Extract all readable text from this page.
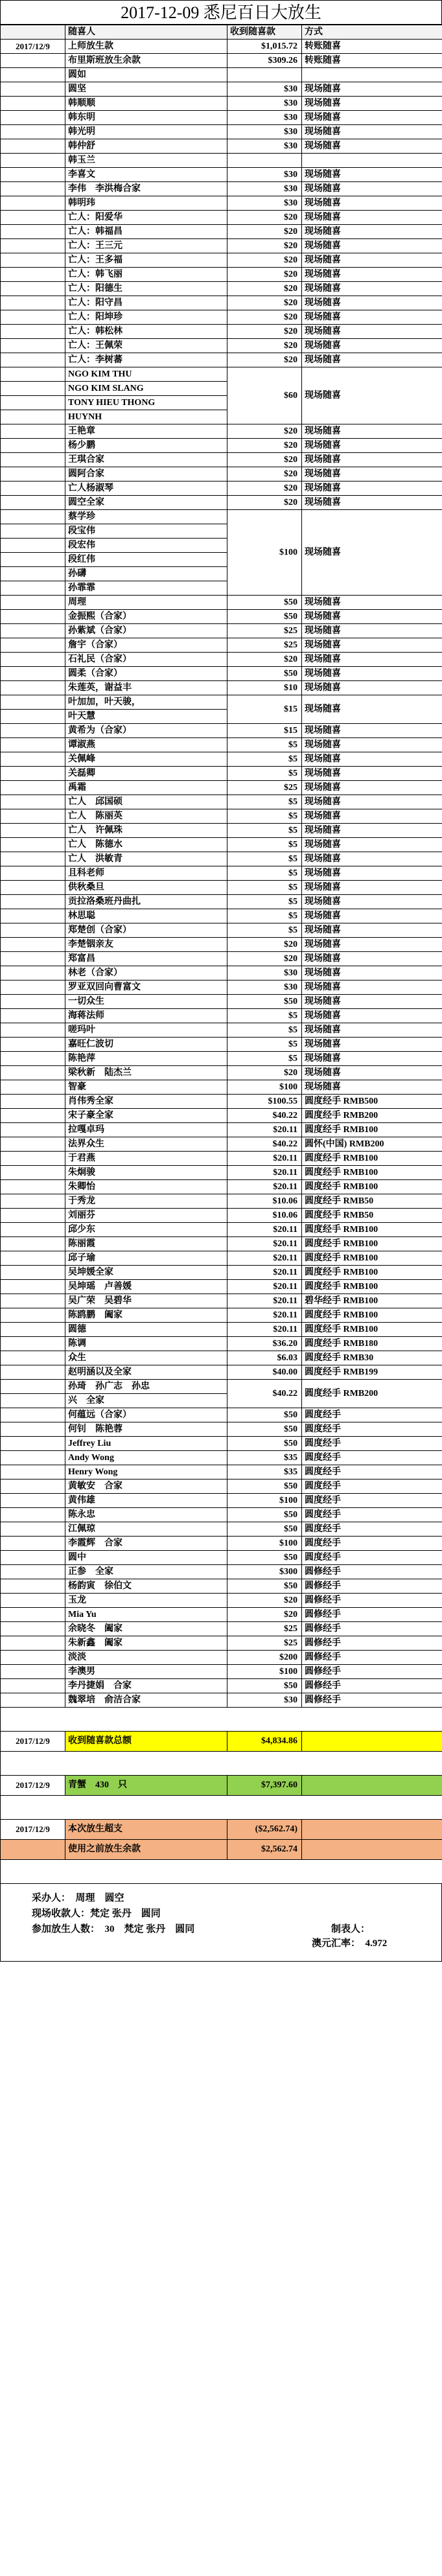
2017-12-09 悉尼百日大放生
	随喜人	收到随喜款	方式
2017/12/9	上师放生款	$1,015.72	转账随喜
	布里斯班放生余款	$309.26	转账随喜
	圆如		
	圆坚	$30	现场随喜
	韩顺顺	$30	现场随喜
	韩东明	$30	现场随喜
	韩光明	$30	现场随喜
	韩仲舒	$30	现场随喜
	韩玉兰		
	李喜文	$30	现场随喜
	李伟　李洪梅合家	$30	现场随喜
	韩明玮	$30	现场随喜
	亡人：阳爱华	$20	现场随喜
	亡人：韩福昌	$20	现场随喜
	亡人：王三元	$20	现场随喜
	亡人：王多福	$20	现场随喜
	亡人：韩飞丽	$20	现场随喜
	亡人：阳德生	$20	现场随喜
	亡人：阳守昌	$20	现场随喜
	亡人：阳坤珍	$20	现场随喜
	亡人：韩松林	$20	现场随喜
	亡人：王佩荣	$20	现场随喜
	亡人：李树蕃	$20	现场随喜
	NGO KIM THU	$60	现场随喜
	NGO KIM SLANG		
	TONY HIEU THONG		
	HUYNH		
	王艳章	$20	现场随喜
	杨少鹏	$20	现场随喜
	王琪合家	$20	现场随喜
	圆阿合家	$20	现场随喜
	亡人杨淑琴	$20	现场随喜
	圆空全家	$20	现场随喜
	蔡学珍	$100	现场随喜
	段宝伟		
	段宏伟		
	段红伟		
	孙礴		
	孙霏霏		
	周理	$50	现场随喜
	金振熙（合家）	$50	现场随喜
	孙紫斌（合家）	$25	现场随喜
	詹宇（合家）	$25	现场随喜
	石礼民（合家）	$20	现场随喜
	圆柔（合家）	$50	现场随喜
	朱莲英，谢益丰	$10	现场随喜
	叶加加，叶天骏，	$15	现场随喜
	叶天慧		
	黄希为（合家）	$15	现场随喜
	谭淑燕	$5	现场随喜
	关佩峰	$5	现场随喜
	关磊卿	$5	现场随喜
	禹霜	$25	现场随喜
	亡人　邱国硕	$5	现场随喜
	亡人　陈丽英	$5	现场随喜
	亡人　许佩珠	$5	现场随喜
	亡人　陈德水	$5	现场随喜
	亡人　洪敏青	$5	现场随喜
	且科老师	$5	现场随喜
	供秋桑旦	$5	现场随喜
	贡拉洛桑班丹曲扎	$5	现场随喜
	林思聪	$5	现场随喜
	郑楚创（合家）	$5	现场随喜
	李楚铟亲友	$20	现场随喜
	郑富昌	$20	现场随喜
	林老（合家）	$30	现场随喜
	罗亚双回向曹富文	$30	现场随喜
	一切众生	$50	现场随喜
	海蒋法师	$5	现场随喜
	嗟玛叶	$5	现场随喜
	嘉旺仁波切	$5	现场随喜
	陈艳萍	$5	现场随喜
	梁秋新　陆杰兰	$20	现场随喜
	智豪	$100	现场随喜
	肖伟秀全家	$100.55	圆度经手 RMB500
	宋子豪全家	$40.22	圆度经手 RMB200
	拉嘎卓玛	$20.11	圆度经手 RMB100
	法界众生	$40.22	圆怀(中国) RMB200
	于君燕	$20.11	圆度经手 RMB100
	朱炯骏	$20.11	圆度经手 RMB100
	朱卿怡	$20.11	圆度经手 RMB100
	于秀龙	$10.06	圆度经手 RMB50
	刘丽芬	$10.06	圆度经手 RMB50
	邱少东	$20.11	圆度经手 RMB100
	陈丽霞	$20.11	圆度经手 RMB100
	邱子瑜	$20.11	圆度经手 RMB100
	吴坤媛全家	$20.11	圆度经手 RMB100
	吴坤瑶　卢善媛	$20.11	圆度经手 RMB100
	吴广荣　吴碧华	$20.11	碧华经手 RMB100
	陈鸥鹏　阖家	$20.11	圆度经手 RMB100
	圆德	$20.11	圆度经手 RMB100
	陈调	$36.20	圆度经手 RMB180
	众生	$6.03	圆度经手 RMB30
	赵明涵以及全家	$40.00	圆度经手 RMB199
	孙琦　孙广志　孙忠	$40.22	圆度经手 RMB200
	兴　全家		
	何蕴远（合家）	$50	圆度经手
	何钊　陈艳蓉	$50	圆度经手
	Jeffrey Liu	$50	圆度经手
	Andy Wong	$35	圆度经手
	Henry Wong	$35	圆度经手
	黄敏安　合家	$50	圆度经手
	黄伟雄	$100	圆度经手
	陈永忠	$50	圆度经手
	江佩琼	$50	圆度经手
	李霞辉　合家	$100	圆度经手
	圆中	$50	圆度经手
	正参　全家	$300	圆修经手
	杨韵寅　徐伯文	$50	圆修经手
	玉龙	$20	圆修经手
	Mia Yu	$20	圆修经手
	余晓冬　阖家	$25	圆修经手
	朱新鑫　阖家	$25	圆修经手
	淡淡	$200	圆修经手
	李澳男	$100	圆修经手
	李丹捷娟　合家	$50	圆修经手
	魏翠培　俞洁合家	$30	圆修经手

2017/12/9	收到随喜款总额	$4,834.86	

2017/12/9	青蟹　430　只	$7,397.60	

2017/12/9	本次放生超支	($2,562.74)	
	使用之前放生余款	$2,562.74	

采办人：　周理　圆空
现场收款人：梵定 张丹　圆同
参加放生人数：　30　 梵定 张丹　圆同	制表人：
澳元汇率：　4.972
